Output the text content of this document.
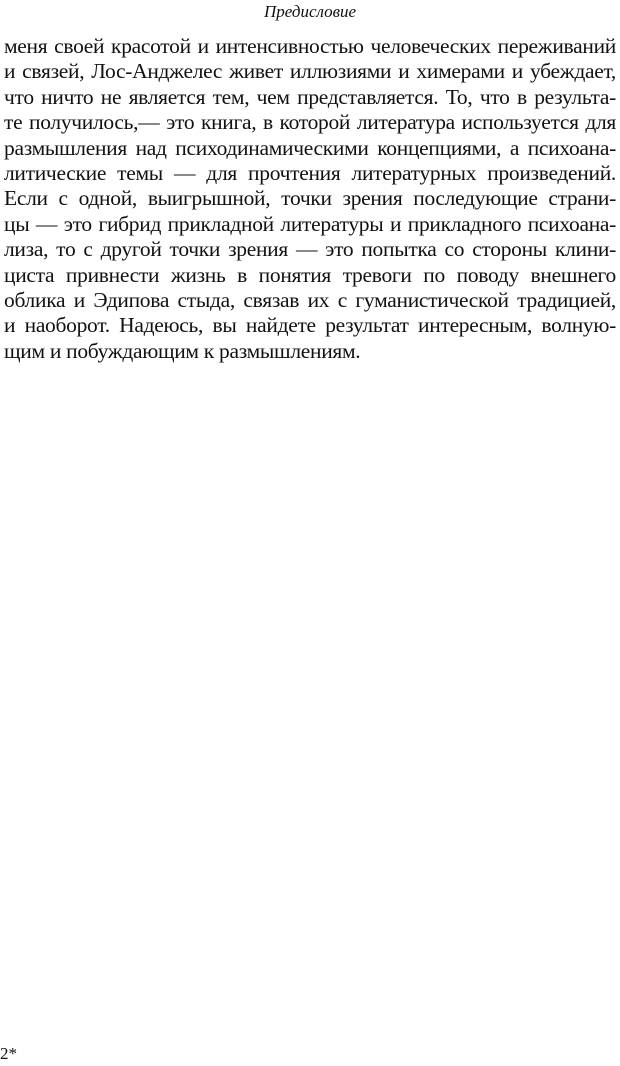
Предисловие
меня своей красотой и интенсивностью человеческих переживаний
и связей, Лос-Анджелес живет иллюзиями и химерами и убеждает,
что ничто не является тем, чем представляется. То, что в результа-
те получилось,— это книга, в которой литература используется для
размышления над психодинамическими концепциями, а психоана-
литические темы — для прочтения литературных произведений.
Если с одной, выигрышной, точки зрения последующие страни-
цы — это гибрид прикладной литературы и прикладного психоана-
лиза, то с другой точки зрения — это попытка со стороны клини-
циста привнести жизнь в понятия тревоги по поводу внешнего
облика и Эдипова стыда, связав их с гуманистической традицией,
и наоборот. Надеюсь, вы найдете результат интересным, волную-
щим и побуждающим к размышлениям.
2*
